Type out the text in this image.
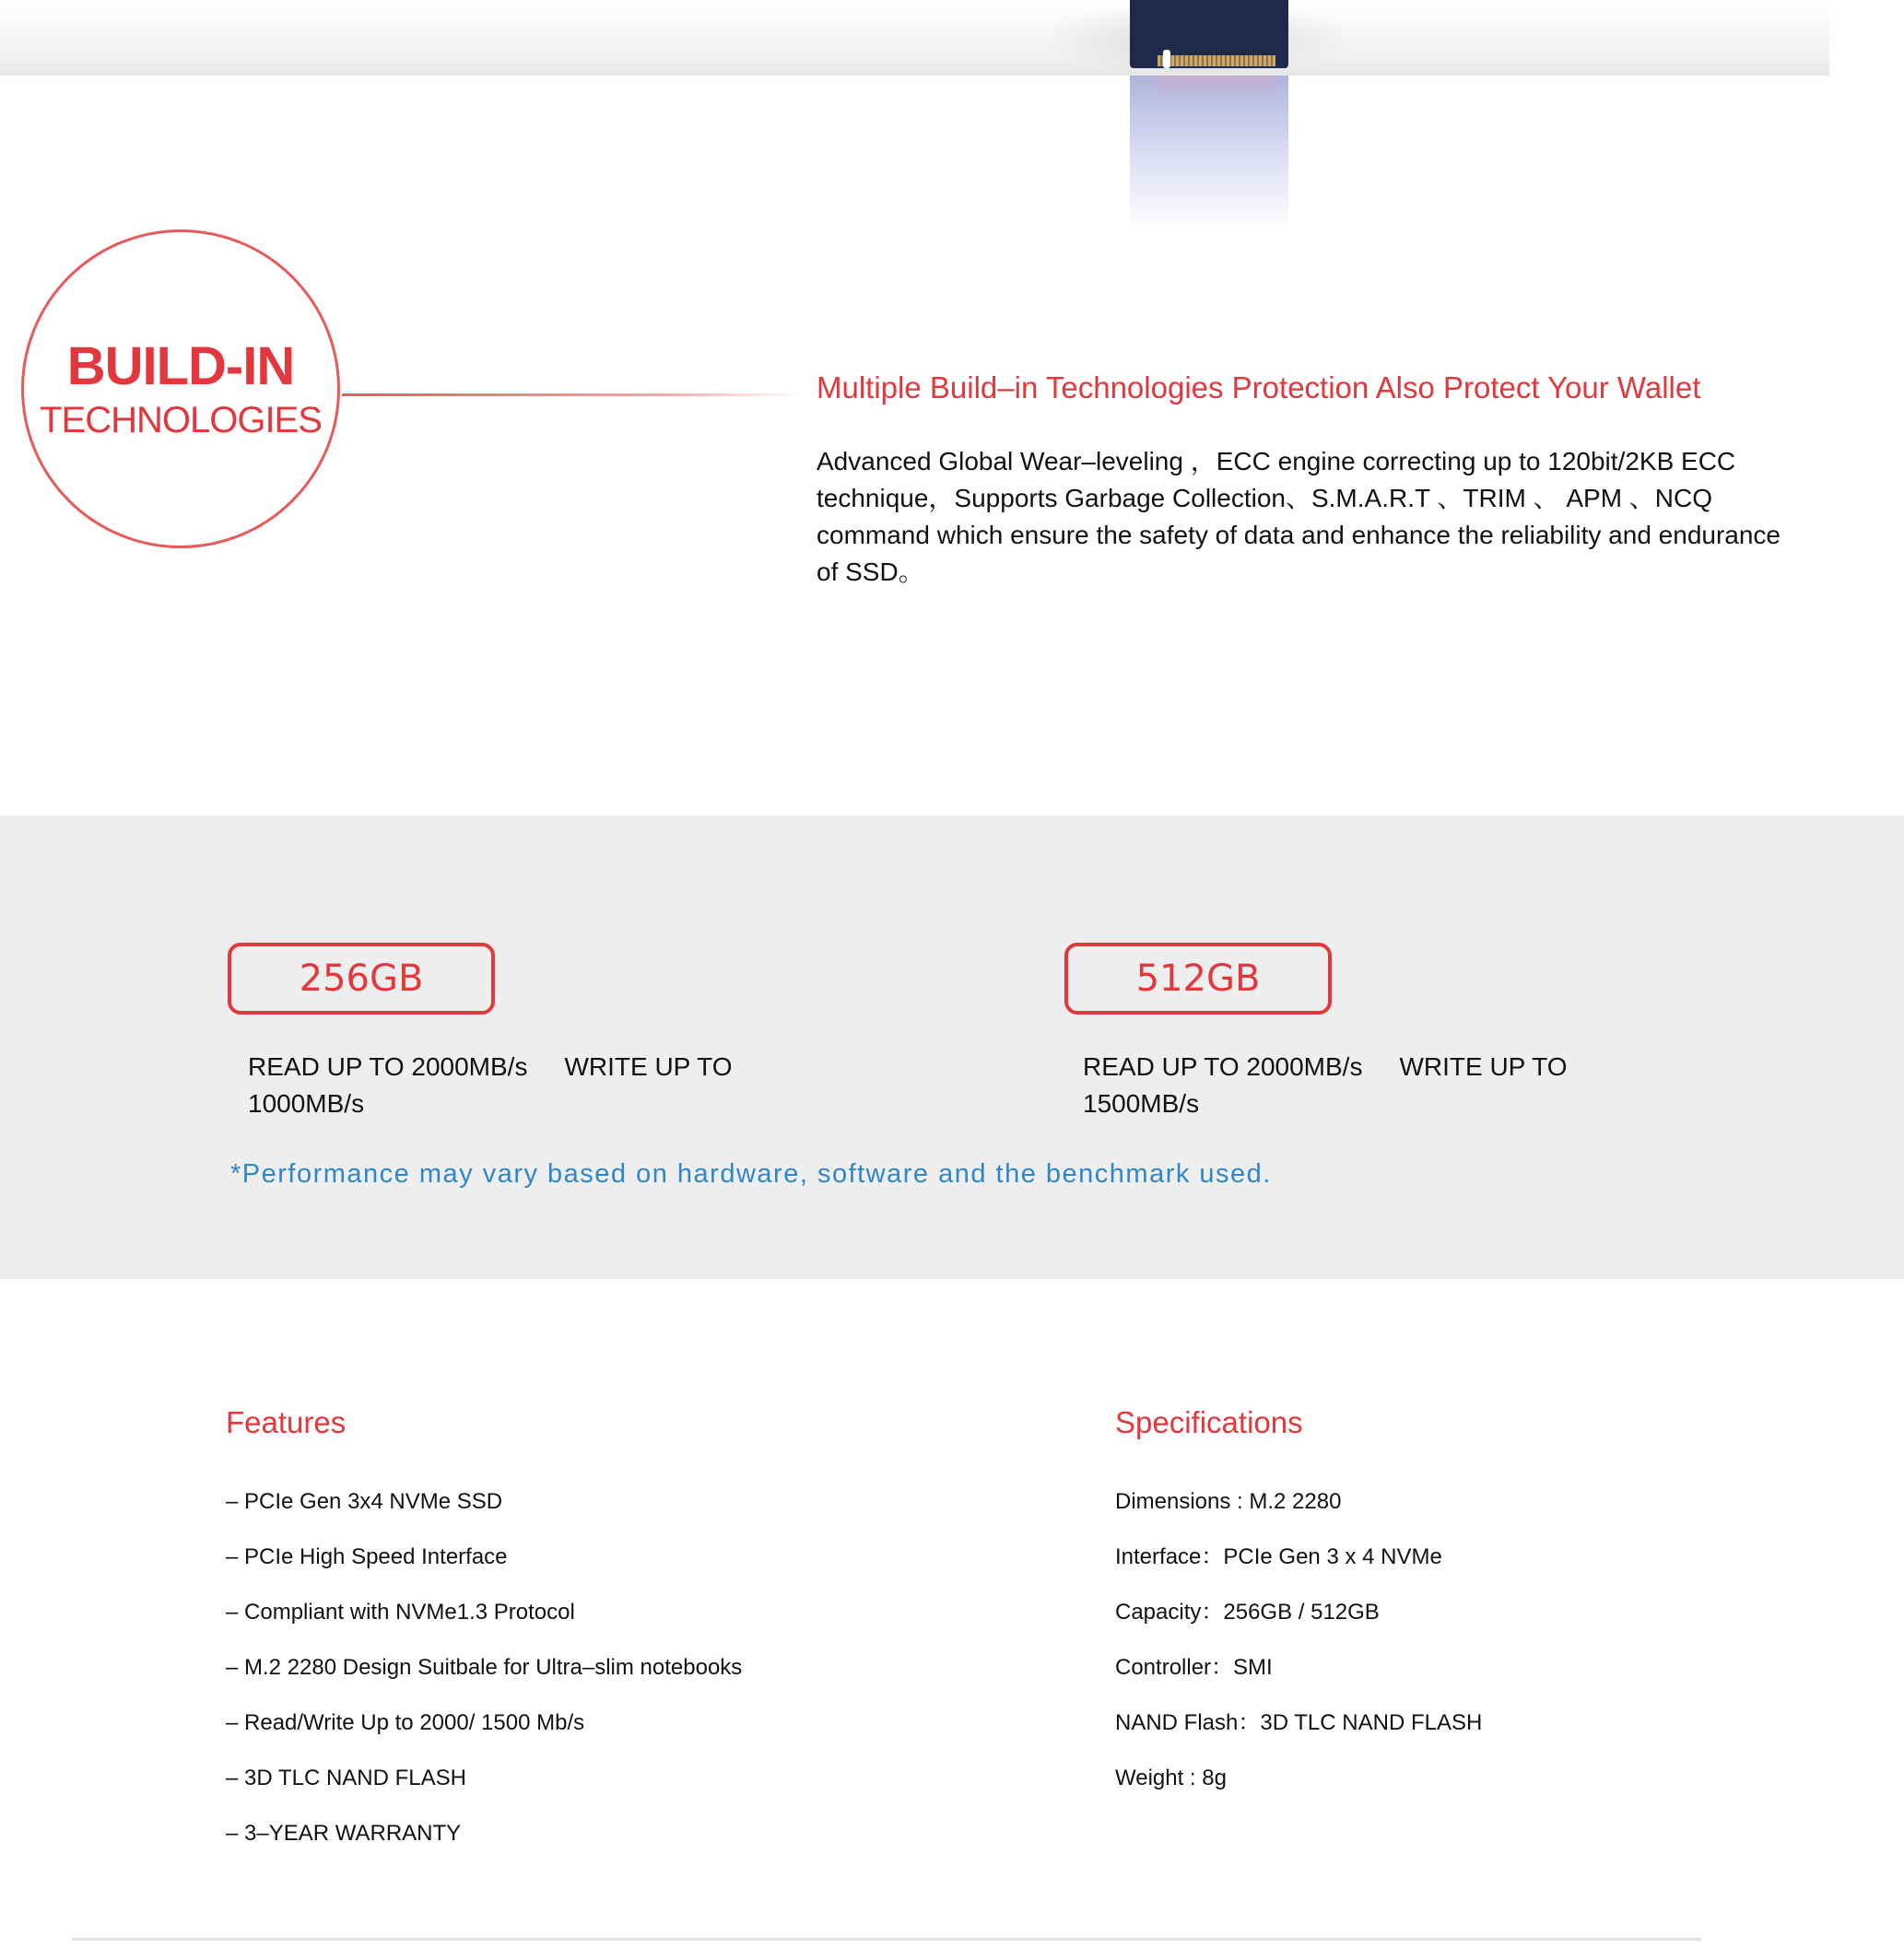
BUILD-IN
TECHNOLOGIES
Multiple Build–in Technologies Protection Also Protect Your Wallet
Advanced Global Wear–leveling ，ECC engine correcting up to 120bit/2KB ECC technique，Supports Garbage Collection、S.M.A.R.T 、TRIM 、 APM 、NCQ command which ensure the safety of data and enhance the reliability and endurance of SSD。
256GB
READ UP TO 2000MB/s WRITE UP TO 1000MB/s
512GB
READ UP TO 2000MB/s WRITE UP TO 1500MB/s
*Performance may vary based on hardware, software and the benchmark used.
Features
– PCIe Gen 3x4 NVMe SSD
– PCIe High Speed Interface
– Compliant with NVMe1.3 Protocol
– M.2 2280 Design Suitbale for Ultra–slim notebooks
– Read/Write Up to 2000/ 1500 Mb/s
– 3D TLC NAND FLASH
– 3–YEAR WARRANTY
Specifications
Dimensions : M.2 2280
Interface：PCIe Gen 3 x 4 NVMe
Capacity：256GB / 512GB
Controller：SMI
NAND Flash：3D TLC NAND FLASH
Weight : 8g
